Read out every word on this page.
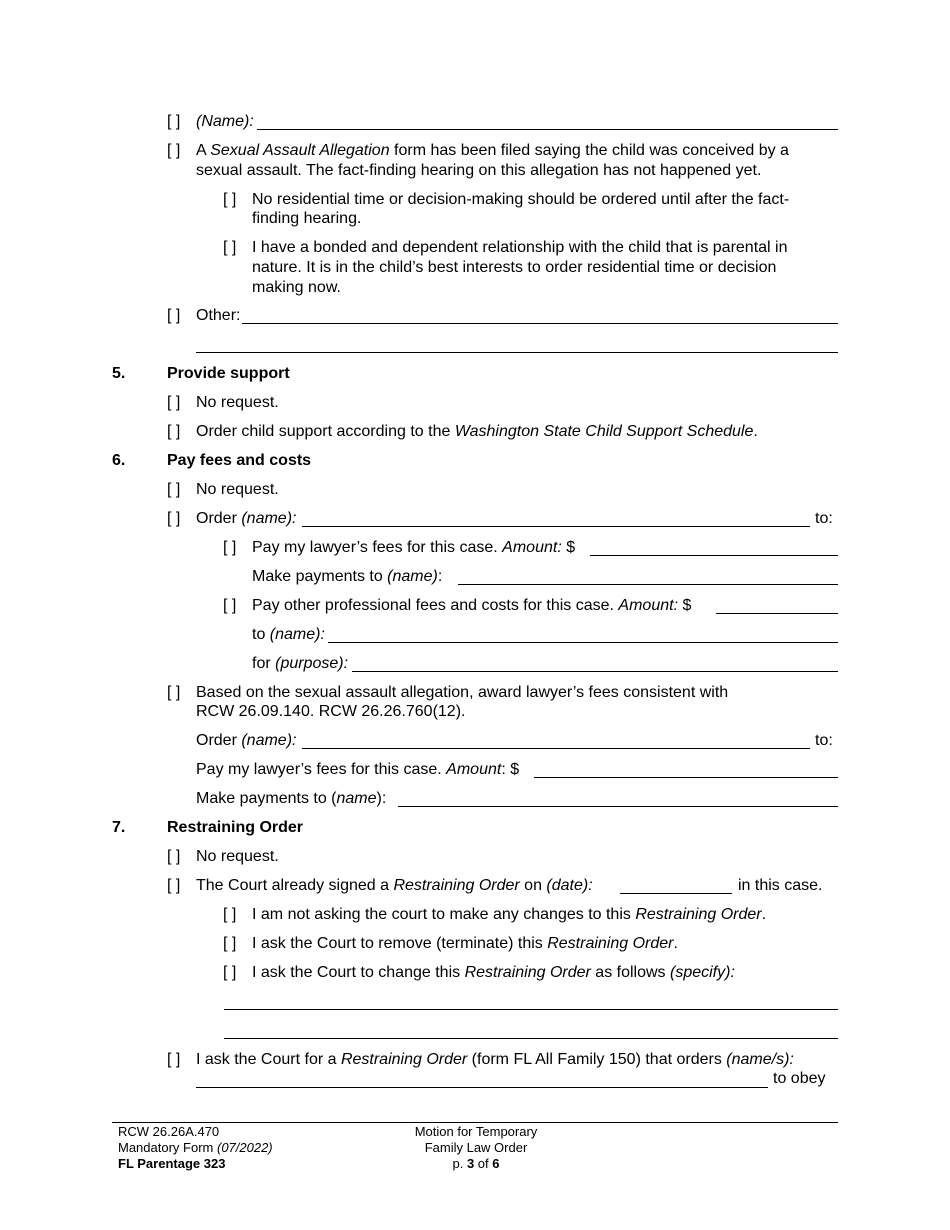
[ ] (Name):
[ ] A Sexual Assault Allegation form has been filed saying the child was conceived by a
sexual assault. The fact-finding hearing on this allegation has not happened yet.
[ ] No residential time or decision-making should be ordered until after the fact-
finding hearing.
[ ] I have a bonded and dependent relationship with the child that is parental in
nature. It is in the child’s best interests to order residential time or decision
making now.
[ ] Other:
5.	Provide support
[ ] No request.
[ ] Order child support according to the Washington State Child Support Schedule.
6.	Pay fees and costs
[ ] No request.
[ ] Order (name):	to:
[ ] Pay my lawyer’s fees for this case. Amount: $
Make payments to (name):
[ ] Pay other professional fees and costs for this case. Amount: $
to (name):
for (purpose):
[ ] Based on the sexual assault allegation, award lawyer’s fees consistent with
RCW 26.09.140. RCW 26.26.760(12).
Order (name):	to:
Pay my lawyer’s fees for this case. Amount: $
Make payments to (name):
7.	Restraining Order
[ ] No request.
[ ] The Court already signed a Restraining Order on (date):	in this case.
[ ] I am not asking the court to make any changes to this Restraining Order.
[ ] I ask the Court to remove (terminate) this Restraining Order.
[ ] I ask the Court to change this Restraining Order as follows (specify):
[ ] I ask the Court for a Restraining Order (form FL All Family 150) that orders (name/s):
to obey
RCW 26.26A.470
Mandatory Form (07/2022)
FL Parentage 323
Motion for Temporary
Family Law Order
p. 3 of 6
